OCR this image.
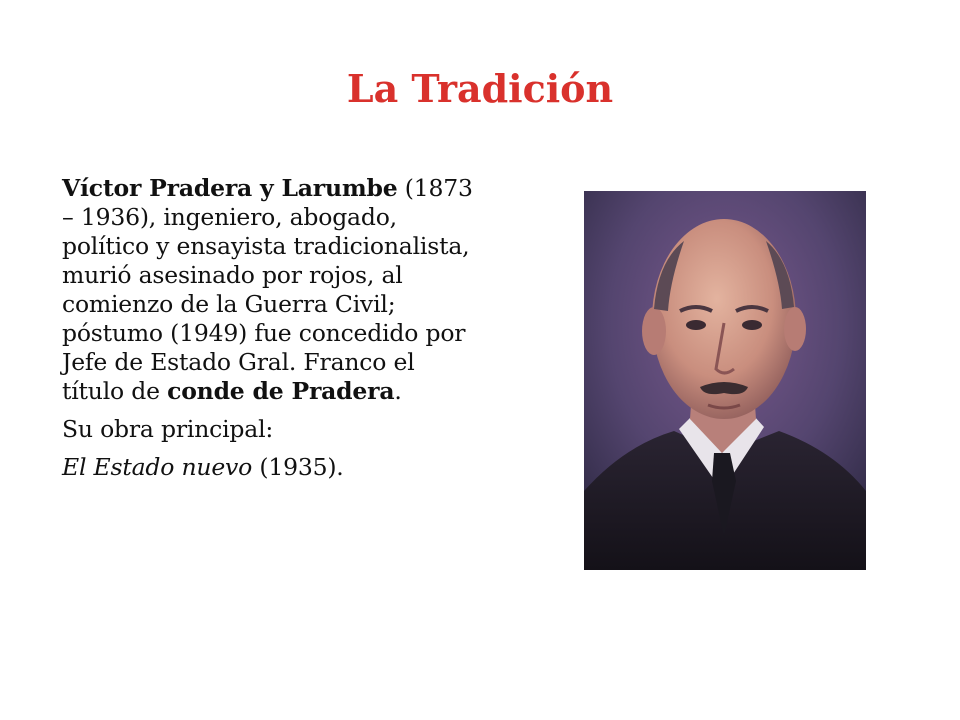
La Tradición

Víctor Pradera y Larumbe (1873 – 1936), ingeniero, abogado, político y ensayista tradicionalista, murió asesinado por rojos, al comienzo de la Guerra Civil; póstumo (1949) fue concedido por Jefe de Estado Gral. Franco el título de conde de Pradera.

Su obra principal:

El Estado nuevo (1935).
